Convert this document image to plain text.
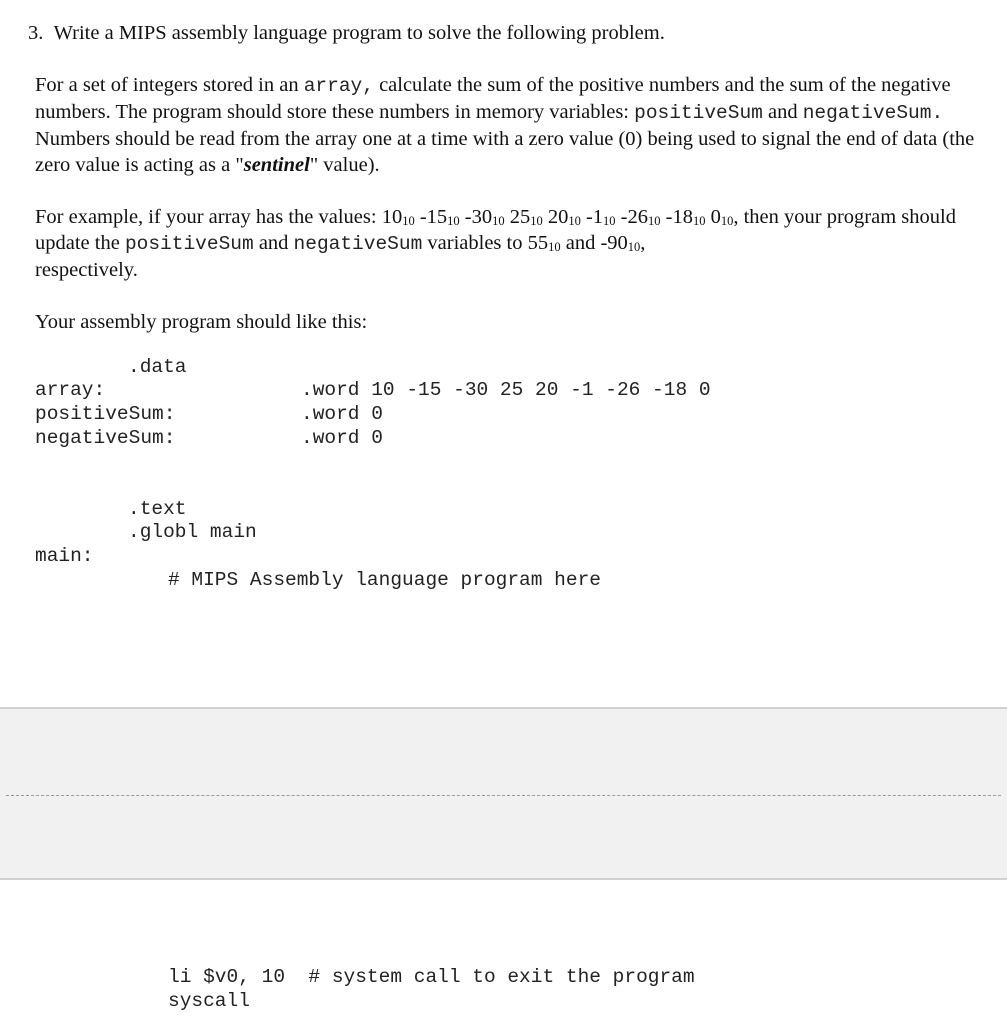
3. Write a MIPS assembly language program to solve the following problem.
For a set of integers stored in an array, calculate the sum of the positive numbers and the sum of the negative numbers. The program should store these numbers in memory variables: positiveSum and negativeSum. Numbers should be read from the array one at a time with a zero value (0) being used to signal the end of data (the zero value is acting as a "sentinel" value).
For example, if your array has the values: $10_{10}$ $-15_{10}$ $-30_{10}$ $25_{10}$ $20_{10}$ $-1_{10}$ $-26_{10}$ $-18_{10}$ $0_{10}$, then your program should update the positiveSum and negativeSum variables to $55_{10}$ and $-90_{10}$,
respectively.
Your assembly program should like this:
.data
array:	.word 10 -15 -30 25 20 -1 -26 -18 0
positiveSum:	.word 0
negativeSum:	.word 0
.text
.globl main
main:
# MIPS Assembly language program here
li $v0, 10  # system call to exit the program
syscall
